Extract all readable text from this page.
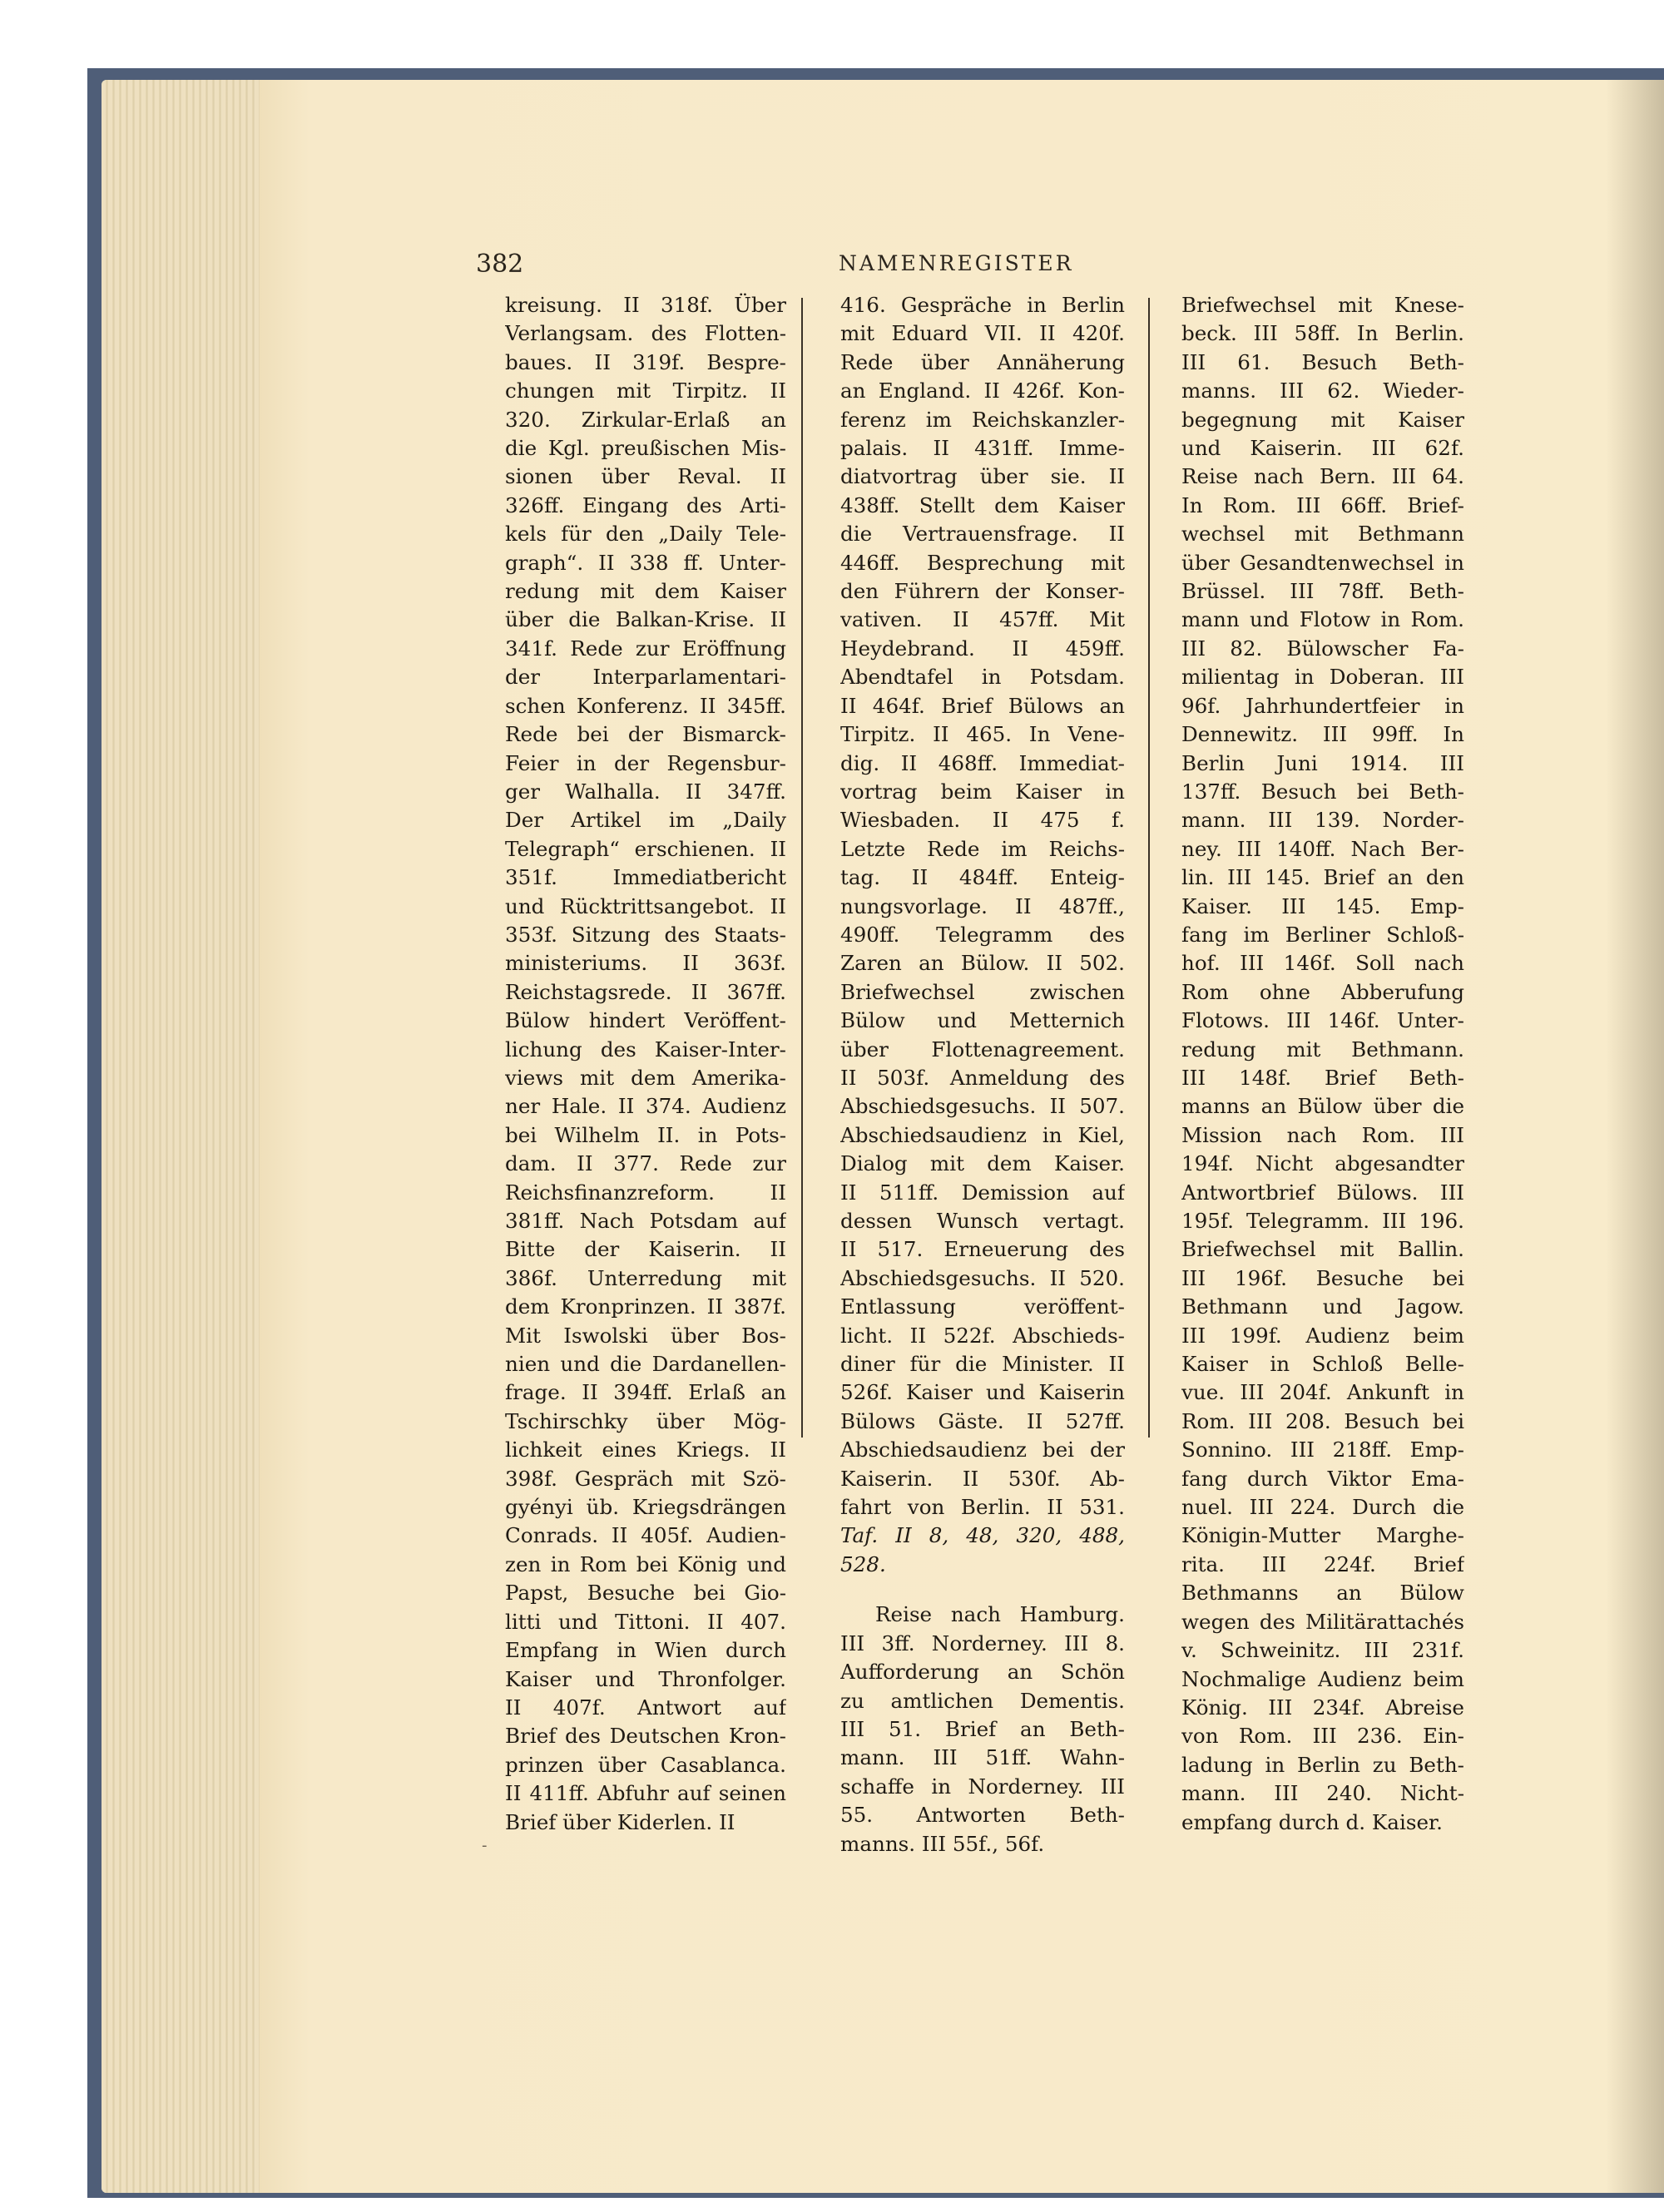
382	NAMENREGISTER
kreisung. II 318f. Über
Verlangsam. des Flotten-
baues. II 319f. Bespre-
chungen mit Tirpitz. II
320. Zirkular-Erlaß an
die Kgl. preußischen Mis-
sionen über Reval. II
326ff. Eingang des Arti-
kels für den „Daily Tele-
graph“. II 338 ff. Unter-
redung mit dem Kaiser
über die Balkan-Krise. II
341f. Rede zur Eröffnung
der Interparlamentari-
schen Konferenz. II 345ff.
Rede bei der Bismarck-
Feier in der Regensbur-
ger Walhalla. II 347ff.
Der Artikel im „Daily
Telegraph“ erschienen. II
351f. Immediatbericht
und Rücktrittsangebot. II
353f. Sitzung des Staats-
ministeriums. II 363f.
Reichstagsrede. II 367ff.
Bülow hindert Veröffent-
lichung des Kaiser-Inter-
views mit dem Amerika-
ner Hale. II 374. Audienz
bei Wilhelm II. in Pots-
dam. II 377. Rede zur
Reichsfinanzreform. II
381ff. Nach Potsdam auf
Bitte der Kaiserin. II
386f. Unterredung mit
dem Kronprinzen. II 387f.
Mit Iswolski über Bos-
nien und die Dardanellen-
frage. II 394ff. Erlaß an
Tschirschky über Mög-
lichkeit eines Kriegs. II
398f. Gespräch mit Szö-
gyényi üb. Kriegsdrängen
Conrads. II 405f. Audien-
zen in Rom bei König und
Papst, Besuche bei Gio-
litti und Tittoni. II 407.
Empfang in Wien durch
Kaiser und Thronfolger.
II 407f. Antwort auf
Brief des Deutschen Kron-
prinzen über Casablanca.
II 411ff. Abfuhr auf seinen
Brief über Kiderlen. II
416. Gespräche in Berlin
mit Eduard VII. II 420f.
Rede über Annäherung
an England. II 426f. Kon-
ferenz im Reichskanzler-
palais. II 431ff. Imme-
diatvortrag über sie. II
438ff. Stellt dem Kaiser
die Vertrauensfrage. II
446ff. Besprechung mit
den Führern der Konser-
vativen. II 457ff. Mit
Heydebrand. II 459ff.
Abendtafel in Potsdam.
II 464f. Brief Bülows an
Tirpitz. II 465. In Vene-
dig. II 468ff. Immediat-
vortrag beim Kaiser in
Wiesbaden. II 475 f.
Letzte Rede im Reichs-
tag. II 484ff. Enteig-
nungsvorlage. II 487ff.,
490ff. Telegramm des
Zaren an Bülow. II 502.
Briefwechsel zwischen
Bülow und Metternich
über Flottenagreement.
II 503f. Anmeldung des
Abschiedsgesuchs. II 507.
Abschiedsaudienz in Kiel,
Dialog mit dem Kaiser.
II 511ff. Demission auf
dessen Wunsch vertagt.
II 517. Erneuerung des
Abschiedsgesuchs. II 520.
Entlassung veröffent-
licht. II 522f. Abschieds-
diner für die Minister. II
526f. Kaiser und Kaiserin
Bülows Gäste. II 527ff.
Abschiedsaudienz bei der
Kaiserin. II 530f. Ab-
fahrt von Berlin. II 531.
Taf. II 8, 48, 320, 488,
528.
Reise nach Hamburg.
III 3ff. Norderney. III 8.
Aufforderung an Schön
zu amtlichen Dementis.
III 51. Brief an Beth-
mann. III 51ff. Wahn-
schaffe in Norderney. III
55. Antworten Beth-
manns. III 55f., 56f.
Briefwechsel mit Knese-
beck. III 58ff. In Berlin.
III 61. Besuch Beth-
manns. III 62. Wieder-
begegnung mit Kaiser
und Kaiserin. III 62f.
Reise nach Bern. III 64.
In Rom. III 66ff. Brief-
wechsel mit Bethmann
über Gesandtenwechsel in
Brüssel. III 78ff. Beth-
mann und Flotow in Rom.
III 82. Bülowscher Fa-
milientag in Doberan. III
96f. Jahrhundertfeier in
Dennewitz. III 99ff. In
Berlin Juni 1914. III
137ff. Besuch bei Beth-
mann. III 139. Norder-
ney. III 140ff. Nach Ber-
lin. III 145. Brief an den
Kaiser. III 145. Emp-
fang im Berliner Schloß-
hof. III 146f. Soll nach
Rom ohne Abberufung
Flotows. III 146f. Unter-
redung mit Bethmann.
III 148f. Brief Beth-
manns an Bülow über die
Mission nach Rom. III
194f. Nicht abgesandter
Antwortbrief Bülows. III
195f. Telegramm. III 196.
Briefwechsel mit Ballin.
III 196f. Besuche bei
Bethmann und Jagow.
III 199f. Audienz beim
Kaiser in Schloß Belle-
vue. III 204f. Ankunft in
Rom. III 208. Besuch bei
Sonnino. III 218ff. Emp-
fang durch Viktor Ema-
nuel. III 224. Durch die
Königin-Mutter Marghe-
rita. III 224f. Brief
Bethmanns an Bülow
wegen des Militärattachés
v. Schweinitz. III 231f.
Nochmalige Audienz beim
König. III 234f. Abreise
von Rom. III 236. Ein-
ladung in Berlin zu Beth-
mann. III 240. Nicht-
empfang durch d. Kaiser.
-
